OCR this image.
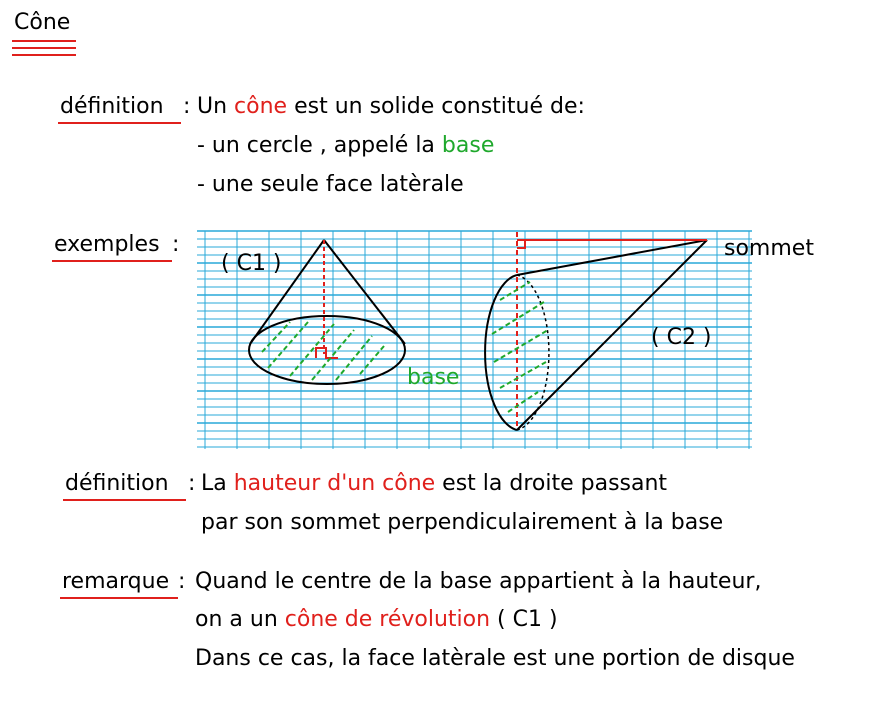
Cône
définition : Un cône est un solide constitué de:
- un cercle , appelé la base
- une seule face latèrale
exemples :
( C1 )
( C2 )
sommet
base
définition : La hauteur d'un cône est la droite passant
par son sommet perpendiculairement à la base
remarque : Quand le centre de la base appartient à la hauteur,
on a un cône de révolution ( C1 )
Dans ce cas, la face latèrale est une portion de disque
